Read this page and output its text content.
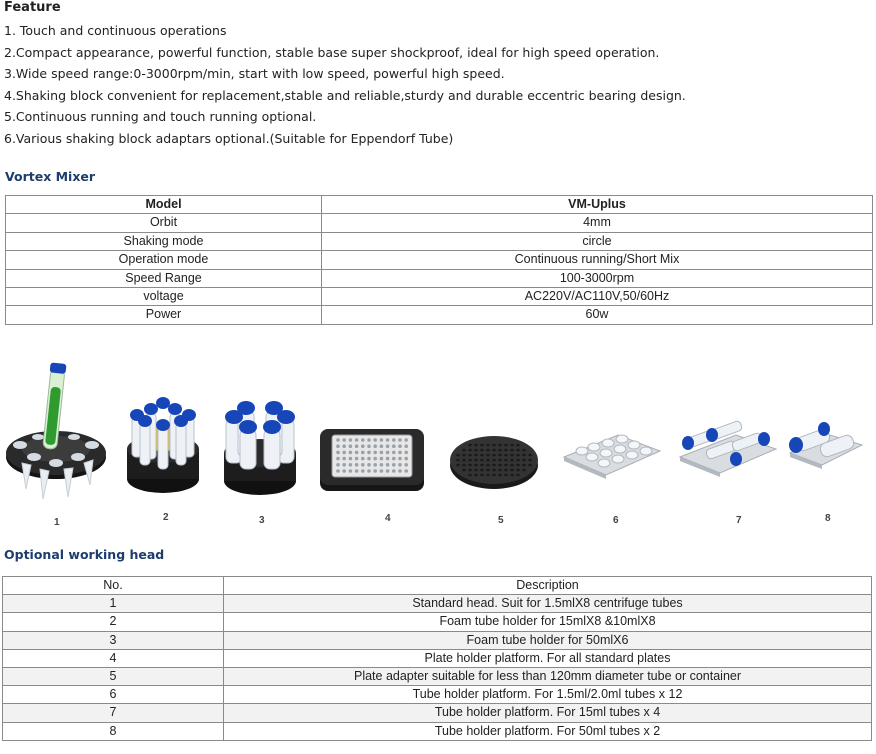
Feature
1. Touch and continuous operations
2.Compact appearance, powerful function, stable base super shockproof, ideal for high speed operation.
3.Wide speed range:0-3000rpm/min, start with low speed, powerful high speed.
4.Shaking block convenient for replacement,stable and reliable,sturdy and durable eccentric bearing design.
5.Continuous running and touch running optional.
6.Various shaking block adaptars optional.(Suitable for Eppendorf Tube)
Vortex Mixer
Model	VM-Uplus
Orbit	4mm
Shaking mode	circle
Operation mode	Continuous running/Short Mix
Speed Range	100-3000rpm
voltage	AC220V/AC110V,50/60Hz
Power	60w
1	2	3	4	5	6	7	8
Optional working head
No.	Description
1	Standard head. Suit for 1.5mlX8 centrifuge tubes
2	Foam tube holder for 15mlX8 &10mlX8
3	Foam tube holder for 50mlX6
4	Plate holder platform. For all standard plates
5	Plate adapter suitable for less than 120mm diameter tube or container
6	Tube holder platform. For 1.5ml/2.0ml tubes x 12
7	Tube holder platform. For 15ml tubes x 4
8	Tube holder platform. For 50ml tubes x 2
